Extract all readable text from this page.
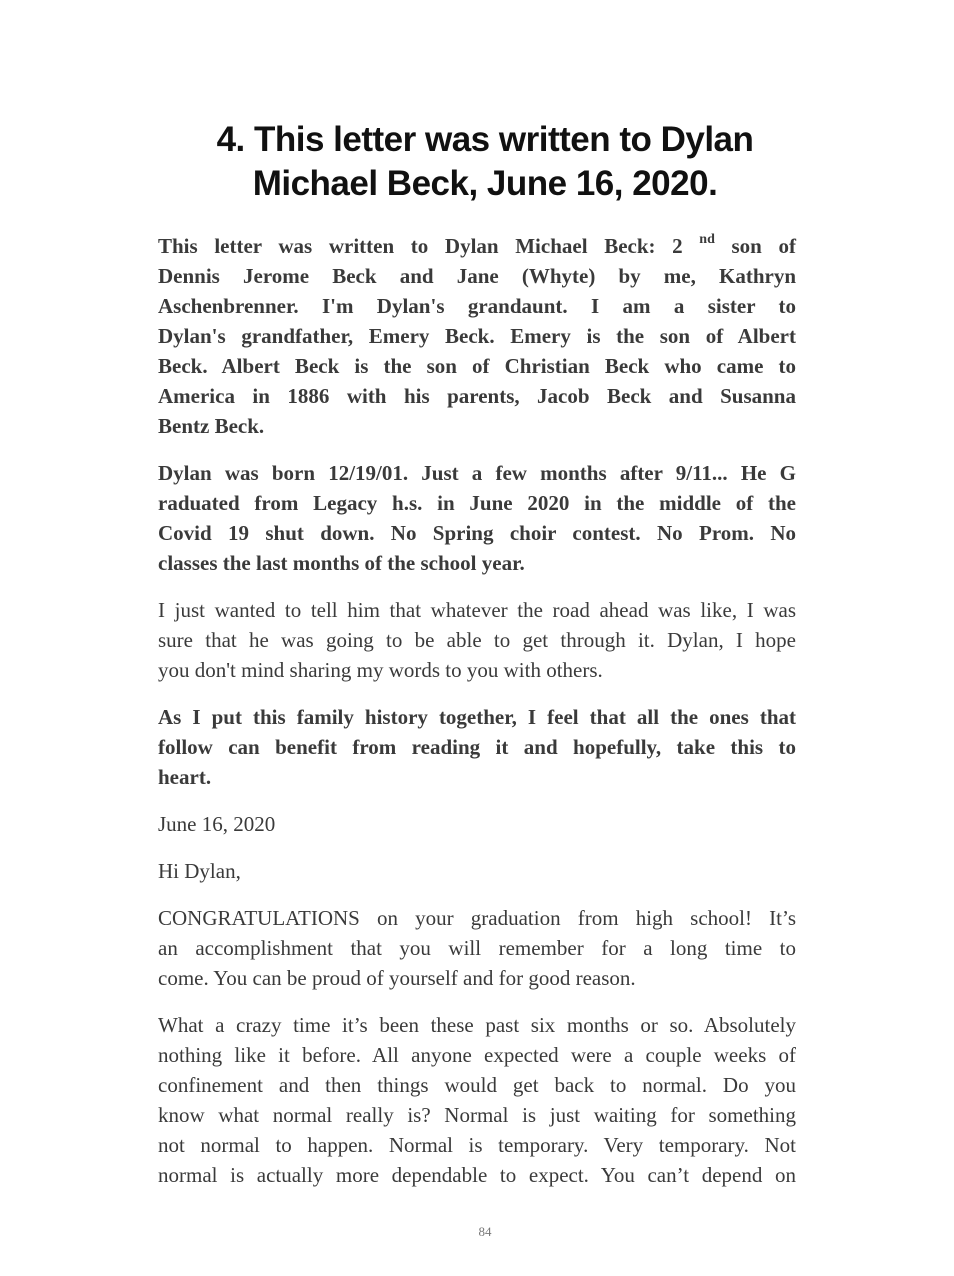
4. This letter was written to Dylan
Michael Beck, June 16, 2020.
This letter was written to Dylan Michael Beck: 2 $^{nd}$ son of
Dennis Jerome Beck and Jane (Whyte) by me, Kathryn
Aschenbrenner. I'm Dylan's grandaunt. I am a sister to
Dylan's grandfather, Emery Beck. Emery is the son of Albert
Beck. Albert Beck is the son of Christian Beck who came to
America in 1886 with his parents, Jacob Beck and Susanna
Bentz Beck.
Dylan was born 12/19/01. Just a few months after 9/11... He G
raduated from Legacy h.s. in June 2020 in the middle of the
Covid 19 shut down. No Spring choir contest. No Prom. No
classes the last months of the school year.
I just wanted to tell him that whatever the road ahead was like, I was
sure that he was going to be able to get through it. Dylan, I hope
you don't mind sharing my words to you with others.
As I put this family history together, I feel that all the ones that
follow can benefit from reading it and hopefully, take this to
heart.
June 16, 2020
Hi Dylan,
CONGRATULATIONS on your graduation from high school! It’s
an accomplishment that you will remember for a long time to
come. You can be proud of yourself and for good reason.
What a crazy time it’s been these past six months or so. Absolutely
nothing like it before. All anyone expected were a couple weeks of
confinement and then things would get back to normal. Do you
know what normal really is? Normal is just waiting for something
not normal to happen. Normal is temporary. Very temporary. Not
normal is actually more dependable to expect. You can’t depend on
84
